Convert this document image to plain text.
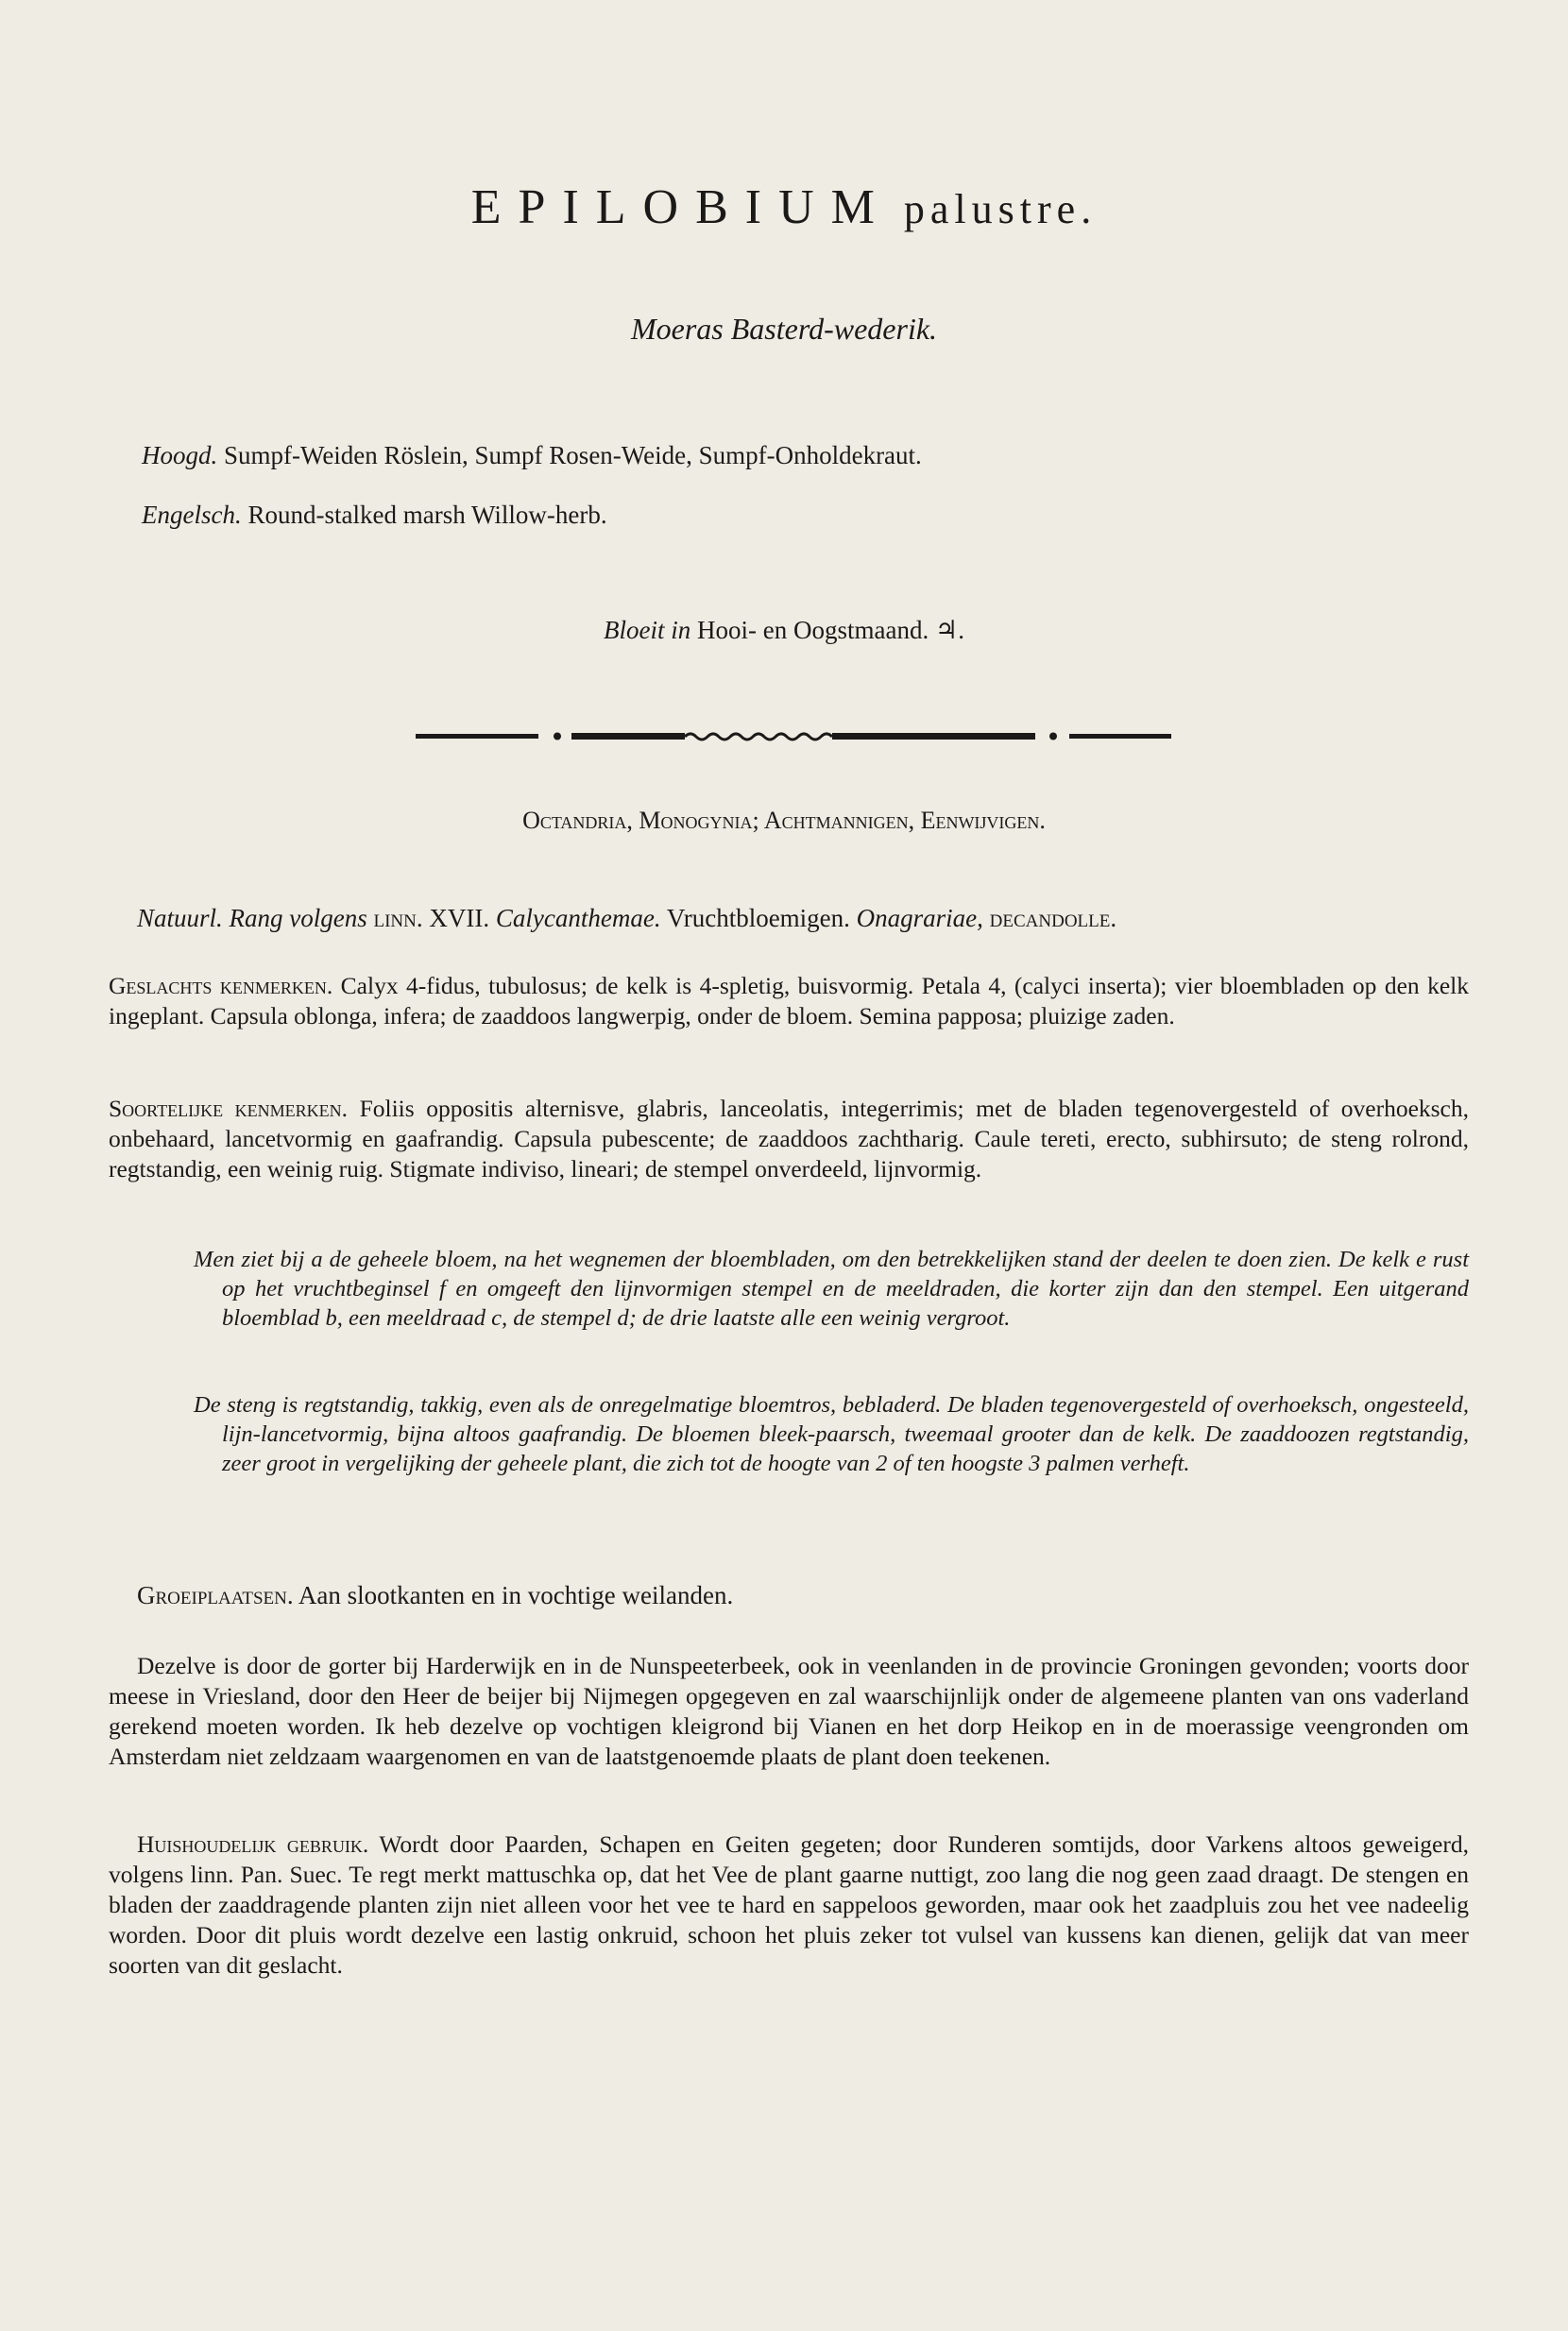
EPILOBIUM palustre.
Moeras Basterd-wederik.
Hoogd. Sumpf-Weiden Röslein, Sumpf Rosen-Weide, Sumpf-Onholdekraut.
Engelsch. Round-stalked marsh Willow-herb.
Bloeit in Hooi- en Oogstmaand. ♃.
Octandria, Monogynia; Achtmannigen, Eenwijvigen.
Natuurl. Rang volgens linn. XVII. Calycanthemae. Vruchtbloemigen. Onagrariae, decandolle.
Geslachts kenmerken. Calyx 4-fidus, tubulosus; de kelk is 4-spletig, buisvormig. Petala 4, (calyci inserta); vier bloembladen op den kelk ingeplant. Capsula oblonga, infera; de zaaddoos langwerpig, onder de bloem. Semina papposa; pluizige zaden.
Soortelijke kenmerken. Foliis oppositis alternisve, glabris, lanceolatis, integerrimis; met de bladen tegenovergesteld of overhoeksch, onbehaard, lancetvormig en gaafrandig. Capsula pubescente; de zaaddoos zachtharig. Caule tereti, erecto, subhirsuto; de steng rolrond, regtstandig, een weinig ruig. Stigmate indiviso, lineari; de stempel onverdeeld, lijnvormig.
Men ziet bij a de geheele bloem, na het wegnemen der bloembladen, om den betrekkelijken stand der deelen te doen zien. De kelk e rust op het vruchtbeginsel f en omgeeft den lijnvormigen stempel en de meeldraden, die korter zijn dan den stempel. Een uitgerand bloemblad b, een meeldraad c, de stempel d; de drie laatste alle een weinig vergroot.
De steng is regtstandig, takkig, even als de onregelmatige bloemtros, bebladerd. De bladen tegenovergesteld of overhoeksch, ongesteeld, lijn-lancetvormig, bijna altoos gaafrandig. De bloemen bleek-paarsch, tweemaal grooter dan de kelk. De zaaddoozen regtstandig, zeer groot in vergelijking der geheele plant, die zich tot de hoogte van 2 of ten hoogste 3 palmen verheft.
Groeiplaatsen. Aan slootkanten en in vochtige weilanden.
Dezelve is door de gorter bij Harderwijk en in de Nunspeeterbeek, ook in veenlanden in de provincie Groningen gevonden; voorts door meese in Vriesland, door den Heer de beijer bij Nijmegen opgegeven en zal waarschijnlijk onder de algemeene planten van ons vaderland gerekend moeten worden. Ik heb dezelve op vochtigen kleigrond bij Vianen en het dorp Heikop en in de moerassige veengronden om Amsterdam niet zeldzaam waargenomen en van de laatstgenoemde plaats de plant doen teekenen.
Huishoudelijk gebruik. Wordt door Paarden, Schapen en Geiten gegeten; door Runderen somtijds, door Varkens altoos geweigerd, volgens linn. Pan. Suec. Te regt merkt mattuschka op, dat het Vee de plant gaarne nuttigt, zoo lang die nog geen zaad draagt. De stengen en bladen der zaaddragende planten zijn niet alleen voor het vee te hard en sappeloos geworden, maar ook het zaadpluis zou het vee nadeelig worden. Door dit pluis wordt dezelve een lastig onkruid, schoon het pluis zeker tot vulsel van kussens kan dienen, gelijk dat van meer soorten van dit geslacht.
